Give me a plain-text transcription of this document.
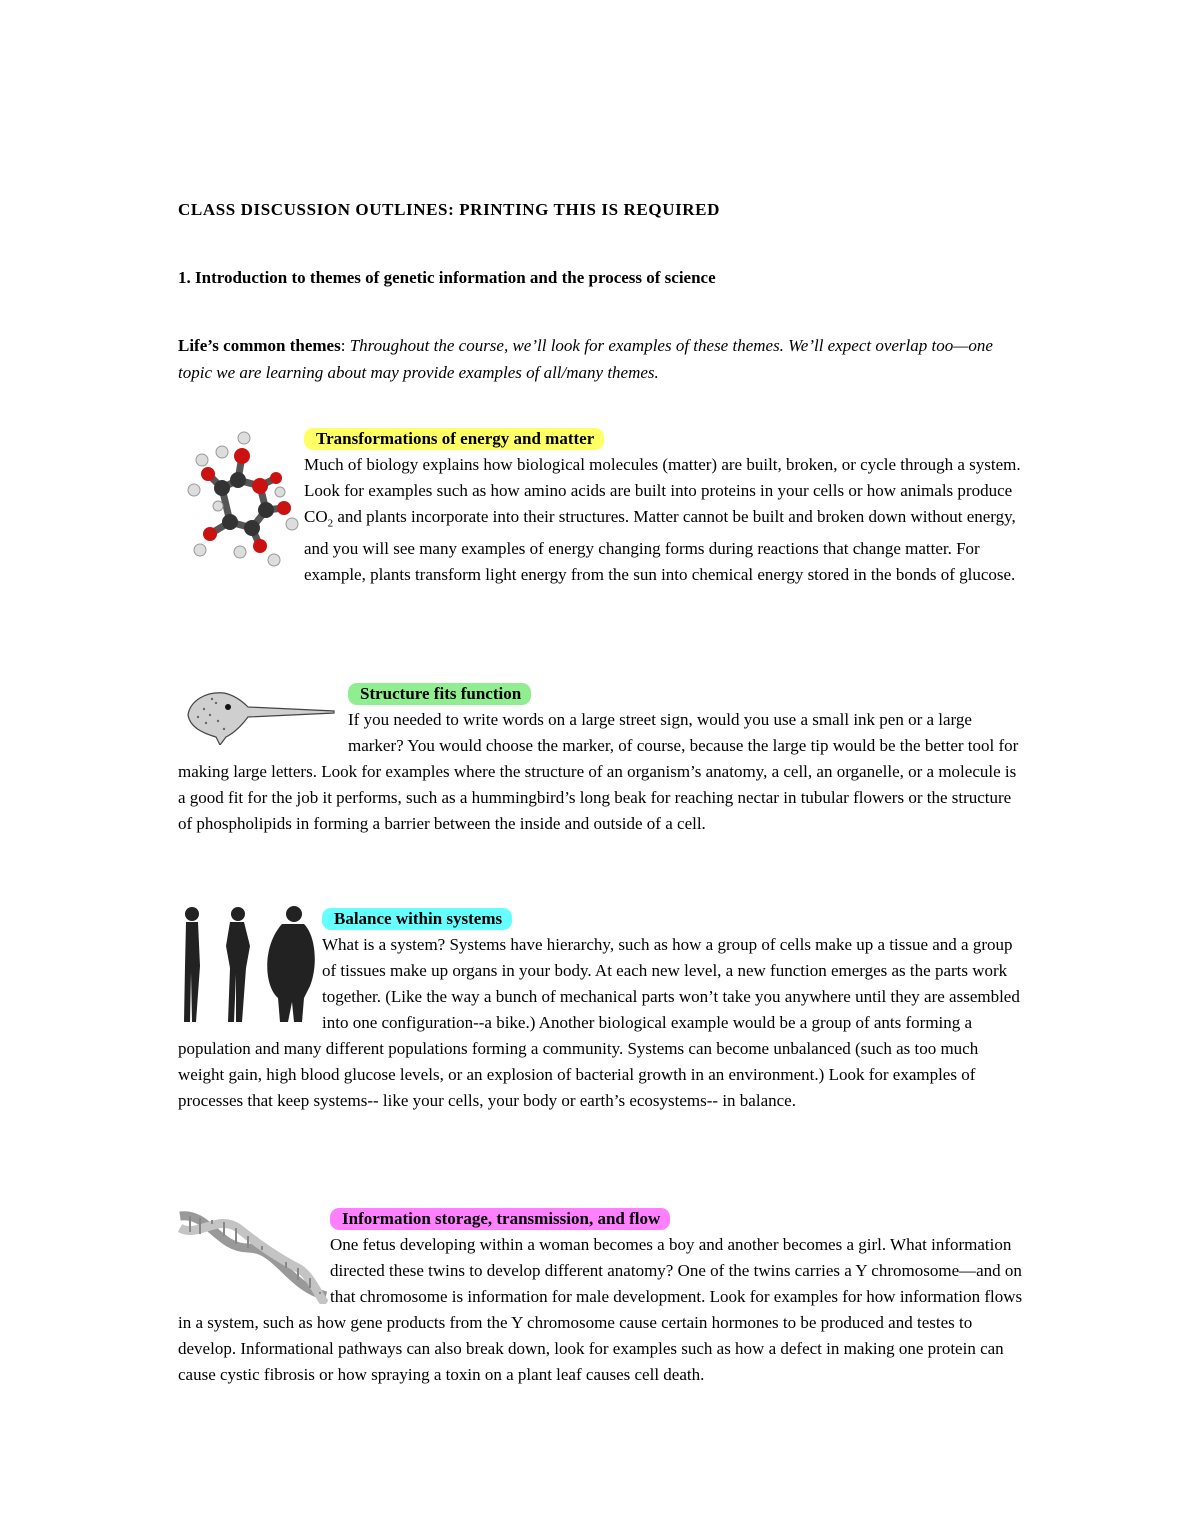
CLASS DISCUSSION OUTLINES: PRINTING THIS IS REQUIRED
1. Introduction to themes of genetic information and the process of science
Life’s common themes: Throughout the course, we’ll look for examples of these themes. We’ll expect overlap too—one topic we are learning about may provide examples of all/many themes.
Transformations of energy and matter

Much of biology explains how biological molecules (matter) are built, broken, or cycle through a system. Look for examples such as how amino acids are built into proteins in your cells or how animals produce $CO_2$ and plants incorporate into their structures. Matter cannot be built and broken down without energy, and you will see many examples of energy changing forms during reactions that change matter. For example, plants transform light energy from the sun into chemical energy stored in the bonds of glucose.

Structure fits function

If you needed to write words on a large street sign, would you use a small ink pen or a large marker? You would choose the marker, of course, because the large tip would be the better tool for making large letters. Look for examples where the structure of an organism’s anatomy, a cell, an organelle, or a molecule is a good fit for the job it performs, such as a hummingbird’s long beak for reaching nectar in tubular flowers or the structure of phospholipids in forming a barrier between the inside and outside of a cell.

Balance within systems

What is a system? Systems have hierarchy, such as how a group of cells make up a tissue and a group of tissues make up organs in your body. At each new level, a new function emerges as the parts work together. (Like the way a bunch of mechanical parts won’t take you anywhere until they are assembled into one configuration--a bike.) Another biological example would be a group of ants forming a population and many different populations forming a community. Systems can become unbalanced (such as too much weight gain, high blood glucose levels, or an explosion of bacterial growth in an environment.) Look for examples of processes that keep systems-- like your cells, your body or earth’s ecosystems-- in balance.

Information storage, transmission, and flow

One fetus developing within a woman becomes a boy and another becomes a girl. What information directed these twins to develop different anatomy? One of the twins carries a Y chromosome—and on that chromosome is information for male development. Look for examples for how information flows in a system, such as how gene products from the Y chromosome cause certain hormones to be produced and testes to develop. Informational pathways can also break down, look for examples such as how a defect in making one protein can cause cystic fibrosis or how spraying a toxin on a plant leaf causes cell death.
